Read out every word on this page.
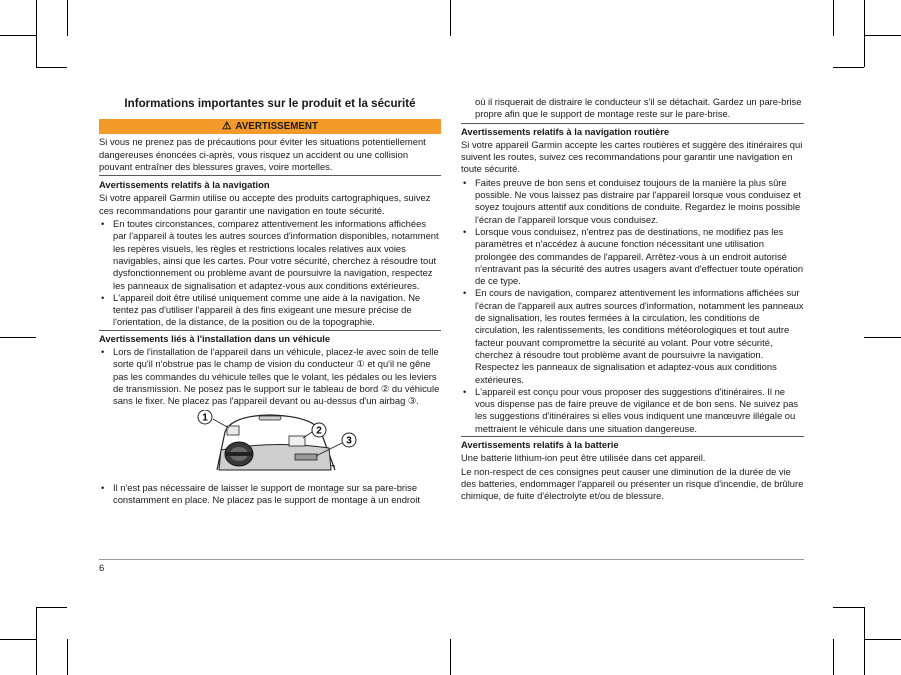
Informations importantes sur le produit et la sécurité
⚠ AVERTISSEMENT
Si vous ne prenez pas de précautions pour éviter les situations potentiellement dangereuses énoncées ci-après, vous risquez un accident ou une collision pouvant entraîner des blessures graves, voire mortelles.
Avertissements relatifs à la navigation
Si votre appareil Garmin utilise ou accepte des produits cartographiques, suivez ces recommandations pour garantir une navigation en toute sécurité.
• En toutes circonstances, comparez attentivement les informations affichées par l'appareil à toutes les autres sources d'information disponibles, notamment les repères visuels, les règles et restrictions locales relatives aux voies navigables, ainsi que les cartes. Pour votre sécurité, cherchez à résoudre tout dysfonctionnement ou problème avant de poursuivre la navigation, respectez les panneaux de signalisation et adaptez-vous aux conditions extérieures.
• L'appareil doit être utilisé uniquement comme une aide à la navigation. Ne tentez pas d'utiliser l'appareil à des fins exigeant une mesure précise de l'orientation, de la distance, de la position ou de la topographie.
Avertissements liés à l'installation dans un véhicule
• Lors de l'installation de l'appareil dans un véhicule, placez-le avec soin de telle sorte qu'il n'obstrue pas le champ de vision du conducteur ① et qu'il ne gêne pas les commandes du véhicule telles que le volant, les pédales ou les leviers de transmission. Ne posez pas le support sur le tableau de bord ② du véhicule sans le fixer. Ne placez pas l'appareil devant ou au-dessus d'un airbag ③.
1
2
3
• Il n'est pas nécessaire de laisser le support de montage sur sa pare-brise constamment en place. Ne placez pas le support de montage à un endroit
où il risquerait de distraire le conducteur s'il se détachait. Gardez un pare-brise propre afin que le support de montage reste sur le pare-brise.
Avertissements relatifs à la navigation routière
Si votre appareil Garmin accepte les cartes routières et suggère des itinéraires qui suivent les routes, suivez ces recommandations pour garantir une navigation en toute sécurité.
• Faites preuve de bon sens et conduisez toujours de la manière la plus sûre possible. Ne vous laissez pas distraire par l'appareil lorsque vous conduisez et soyez toujours attentif aux conditions de conduite. Regardez le moins possible l'écran de l'appareil lorsque vous conduisez.
• Lorsque vous conduisez, n'entrez pas de destinations, ne modifiez pas les paramètres et n'accédez à aucune fonction nécessitant une utilisation prolongée des commandes de l'appareil. Arrêtez-vous à un endroit autorisé n'entravant pas la sécurité des autres usagers avant d'effectuer toute opération de ce type.
• En cours de navigation, comparez attentivement les informations affichées sur l'écran de l'appareil aux autres sources d'information, notamment les panneaux de signalisation, les routes fermées à la circulation, les conditions de circulation, les ralentissements, les conditions météorologiques et tout autre facteur pouvant compromettre la sécurité au volant. Pour votre sécurité, cherchez à résoudre tout problème avant de poursuivre la navigation. Respectez les panneaux de signalisation et adaptez-vous aux conditions extérieures.
• L'appareil est conçu pour vous proposer des suggestions d'itinéraires. Il ne vous dispense pas de faire preuve de vigilance et de bon sens. Ne suivez pas les suggestions d'itinéraires si elles vous indiquent une manœuvre illégale ou mettraient le véhicule dans une situation dangereuse.
Avertissements relatifs à la batterie
Une batterie lithium-ion peut être utilisée dans cet appareil.
Le non-respect de ces consignes peut causer une diminution de la durée de vie des batteries, endommager l'appareil ou présenter un risque d'incendie, de brûlure chimique, de fuite d'électrolyte et/ou de blessure.
6
